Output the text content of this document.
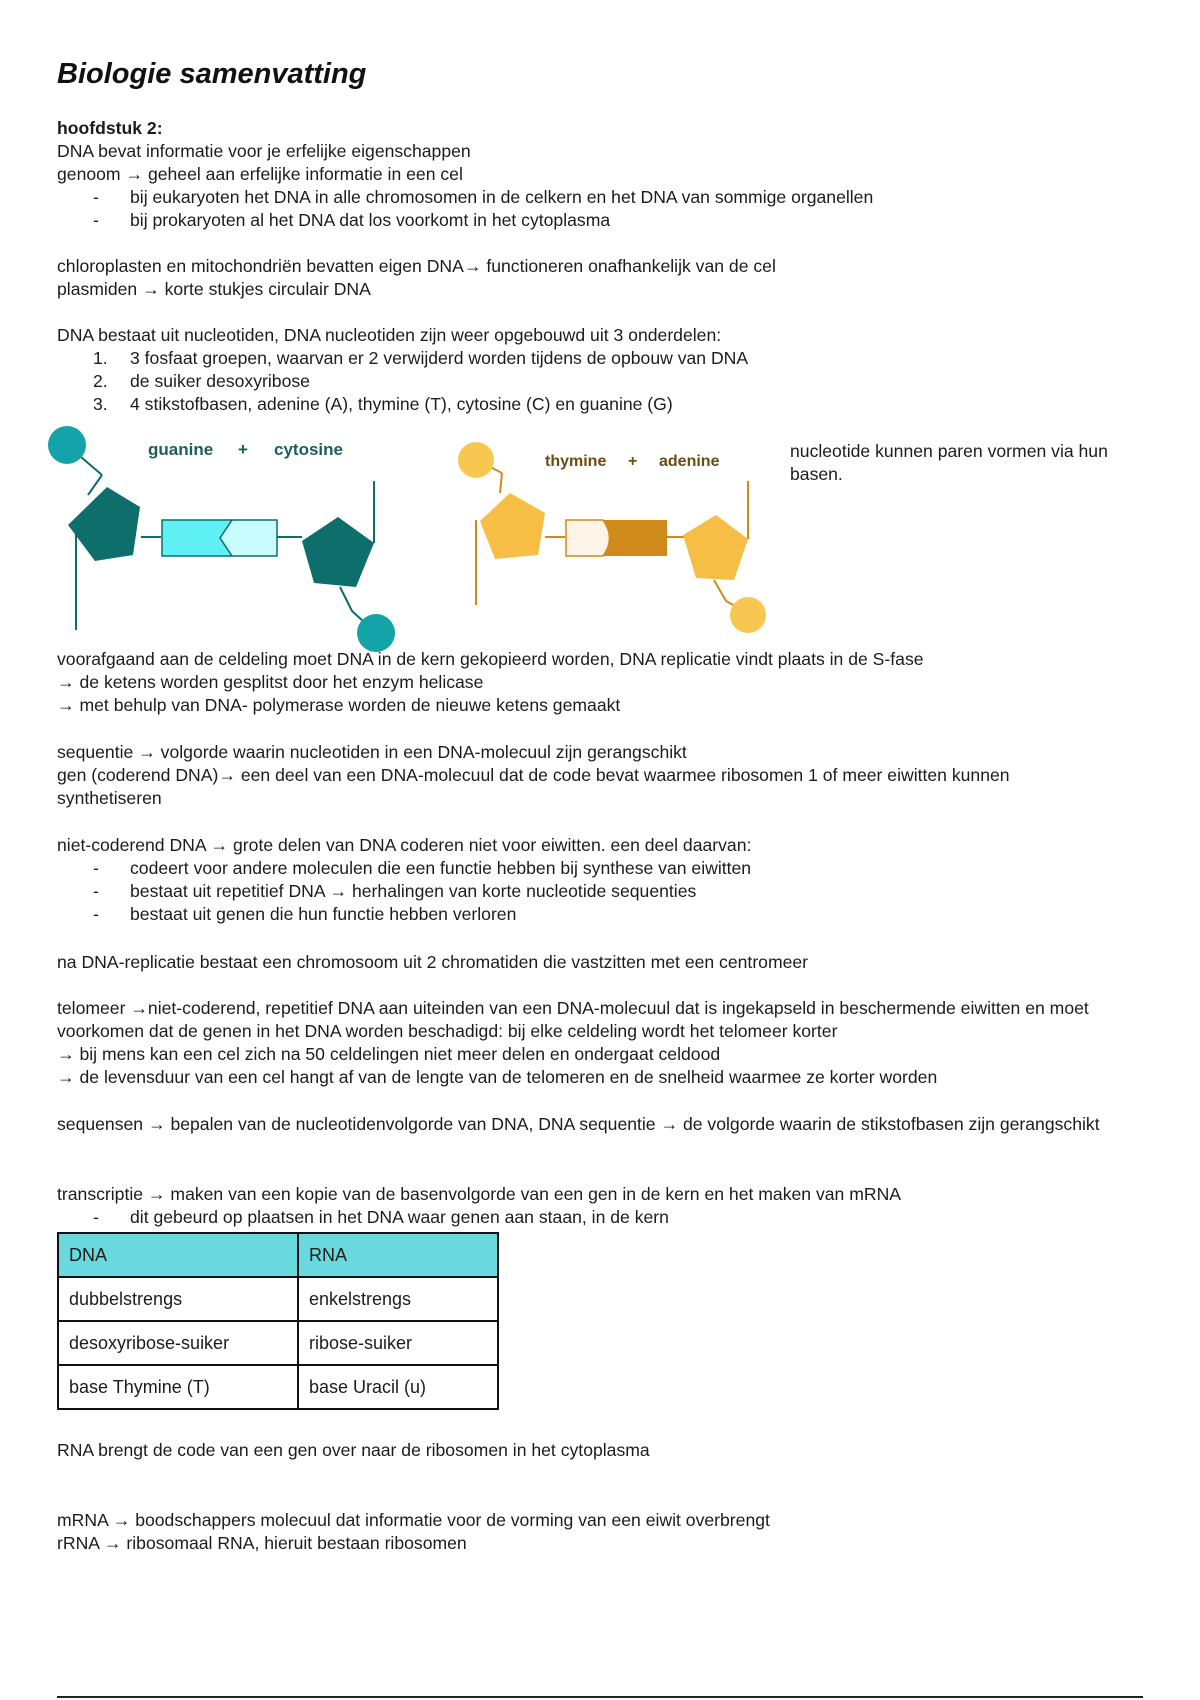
Biologie samenvatting
hoofdstuk 2:
DNA bevat informatie voor je erfelijke eigenschappen
genoom → geheel aan erfelijke informatie in een cel
- bij eukaryoten het DNA in alle chromosomen in de celkern en het DNA van sommige organellen
- bij prokaryoten al het DNA dat los voorkomt in het cytoplasma
chloroplasten en mitochondriën bevatten eigen DNA→ functioneren onafhankelijk van de cel
plasmiden → korte stukjes circulair DNA
DNA bestaat uit nucleotiden, DNA nucleotiden zijn weer opgebouwd uit 3 onderdelen:
1. 3 fosfaat groepen, waarvan er 2 verwijderd worden tijdens de opbouw van DNA
2. de suiker desoxyribose
3. 4 stikstofbasen, adenine (A), thymine (T), cytosine (C) en guanine (G)
guanine + cytosine
thymine + adenine
nucleotide kunnen paren vormen via hun basen.
voorafgaand aan de celdeling moet DNA in de kern gekopieerd worden, DNA replicatie vindt plaats in de S-fase
→ de ketens worden gesplitst door het enzym helicase
→ met behulp van DNA- polymerase worden de nieuwe ketens gemaakt
sequentie → volgorde waarin nucleotiden in een DNA-molecuul zijn gerangschikt
gen (coderend DNA)→ een deel van een DNA-molecuul dat de code bevat waarmee ribosomen 1 of meer eiwitten kunnen synthetiseren
niet-coderend DNA → grote delen van DNA coderen niet voor eiwitten. een deel daarvan:
- codeert voor andere moleculen die een functie hebben bij synthese van eiwitten
- bestaat uit repetitief DNA → herhalingen van korte nucleotide sequenties
- bestaat uit genen die hun functie hebben verloren
na DNA-replicatie bestaat een chromosoom uit 2 chromatiden die vastzitten met een centromeer
telomeer →niet-coderend, repetitief DNA aan uiteinden van een DNA-molecuul dat is ingekapseld in beschermende eiwitten en moet voorkomen dat de genen in het DNA worden beschadigd: bij elke celdeling wordt het telomeer korter
→ bij mens kan een cel zich na 50 celdelingen niet meer delen en ondergaat celdood
→ de levensduur van een cel hangt af van de lengte van de telomeren en de snelheid waarmee ze korter worden
sequensen → bepalen van de nucleotidenvolgorde van DNA, DNA sequentie → de volgorde waarin de stikstofbasen zijn gerangschikt
transcriptie → maken van een kopie van de basenvolgorde van een gen in de kern en het maken van mRNA
- dit gebeurd op plaatsen in het DNA waar genen aan staan, in de kern
DNA	RNA
dubbelstrengs	enkelstrengs
desoxyribose-suiker	ribose-suiker
base Thymine (T)	base Uracil (u)
RNA brengt de code van een gen over naar de ribosomen in het cytoplasma
mRNA → boodschappers molecuul dat informatie voor de vorming van een eiwit overbrengt
rRNA → ribosomaal RNA, hieruit bestaan ribosomen
